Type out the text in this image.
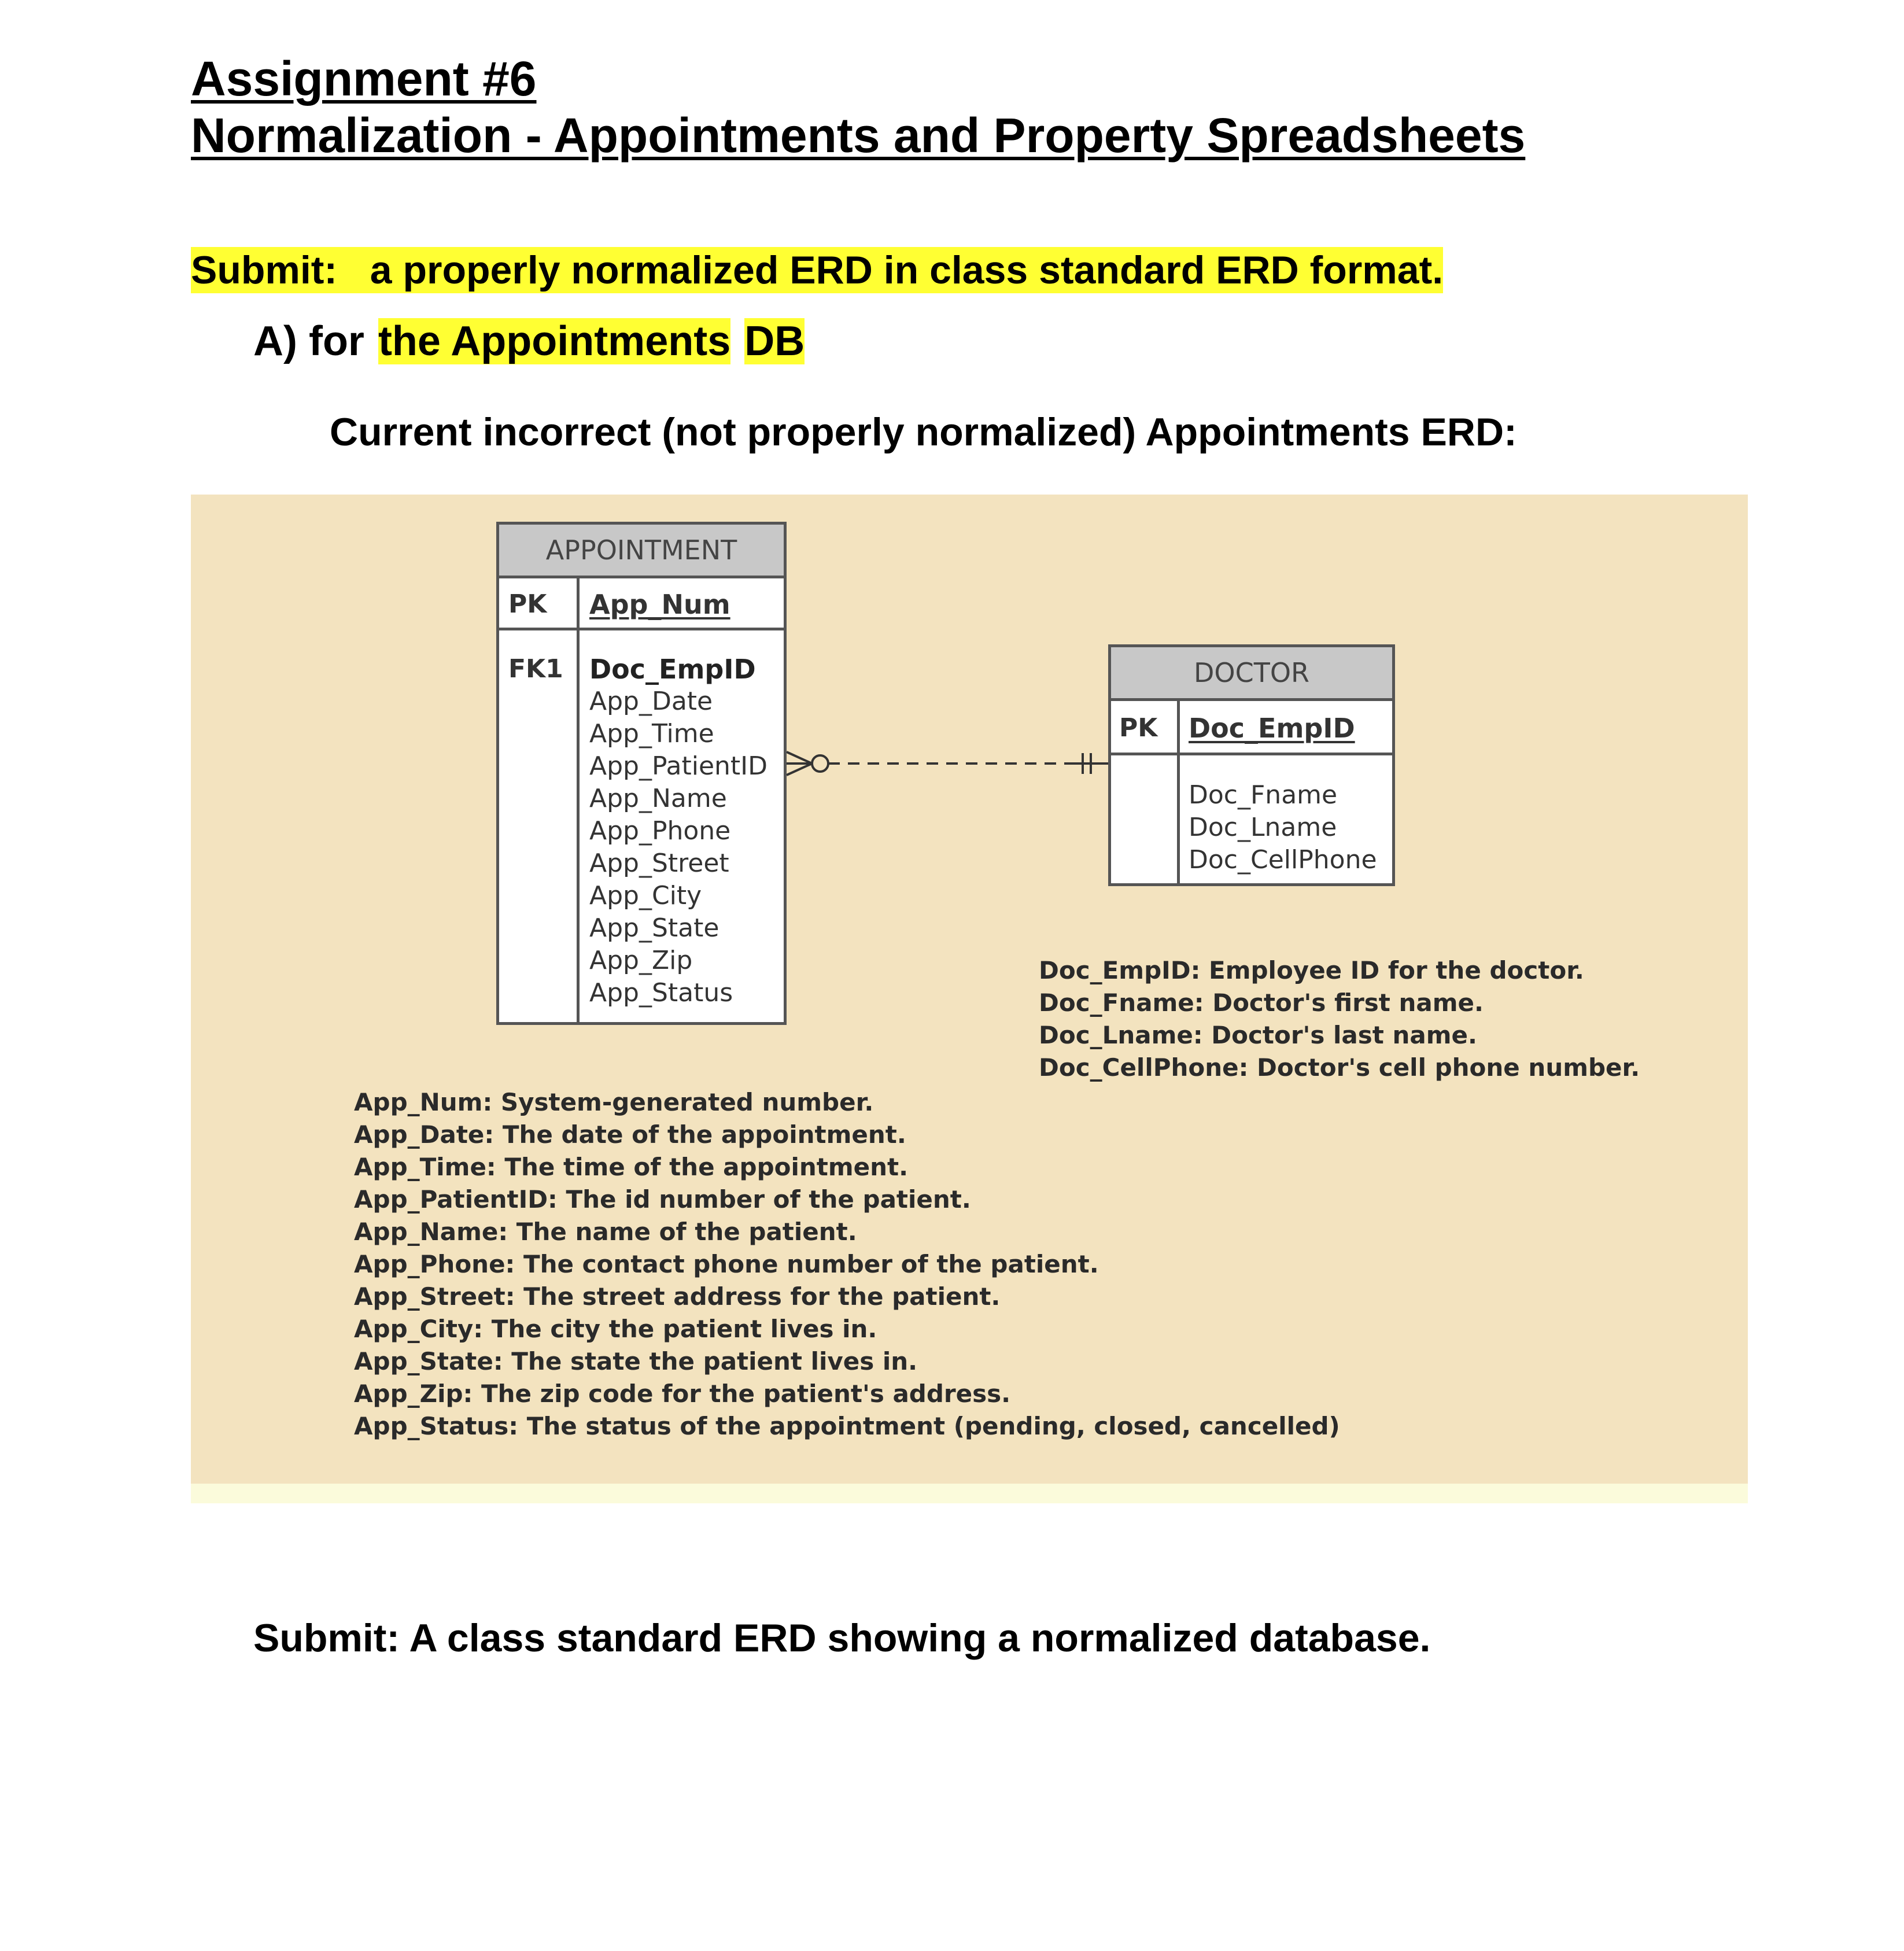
Assignment #6
Normalization - Appointments and Property Spreadsheets
Submit: a properly normalized ERD in class standard ERD format.
A) for the Appointments DB
Current incorrect (not properly normalized) Appointments ERD:
APPOINTMENT
PK App_Num
FK1 Doc_EmpID
App_Date
App_Time
App_PatientID
App_Name
App_Phone
App_Street
App_City
App_State
App_Zip
App_Status
DOCTOR
PK Doc_EmpID
Doc_Fname
Doc_Lname
Doc_CellPhone
Doc_EmpID: Employee ID for the doctor.
Doc_Fname: Doctor's first name.
Doc_Lname: Doctor's last name.
Doc_CellPhone: Doctor's cell phone number.
App_Num: System-generated number.
App_Date: The date of the appointment.
App_Time: The time of the appointment.
App_PatientID: The id number of the patient.
App_Name: The name of the patient.
App_Phone: The contact phone number of the patient.
App_Street: The street address for the patient.
App_City: The city the patient lives in.
App_State: The state the patient lives in.
App_Zip: The zip code for the patient's address.
App_Status: The status of the appointment (pending, closed, cancelled)
Submit: A class standard ERD showing a normalized database.
